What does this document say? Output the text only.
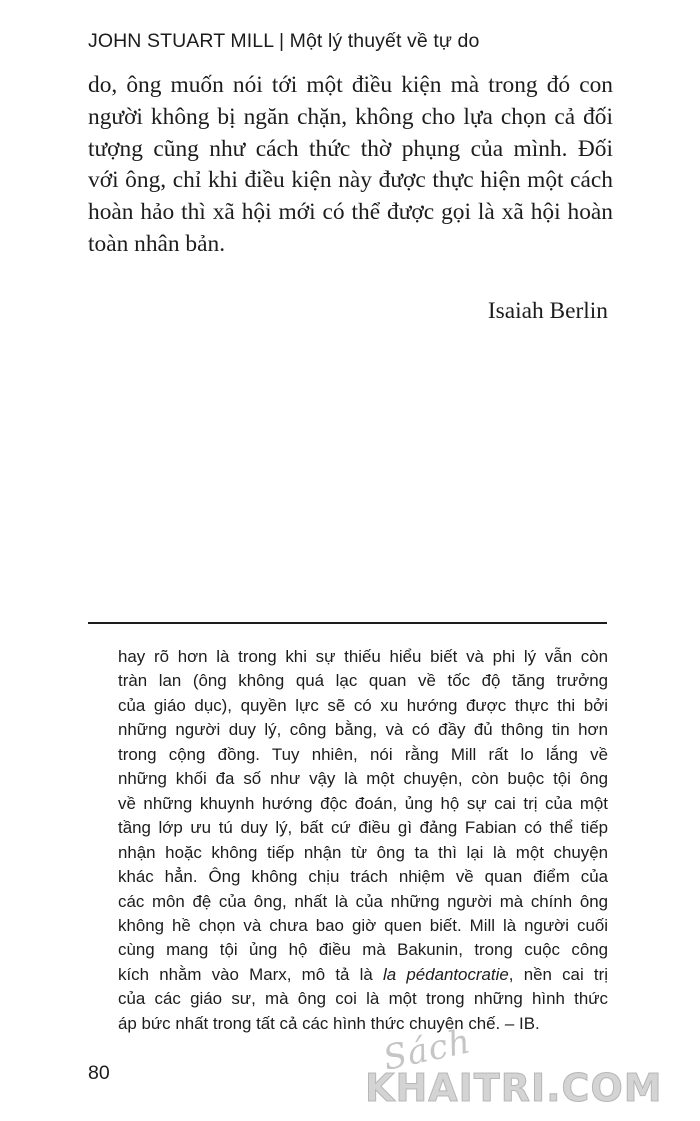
JOHN STUART MILL | Một lý thuyết về tự do
do, ông muốn nói tới một điều kiện mà trong đó con
người không bị ngăn chặn, không cho lựa chọn cả đối
tượng cũng như cách thức thờ phụng của mình. Đối
với ông, chỉ khi điều kiện này được thực hiện một cách
hoàn hảo thì xã hội mới có thể được gọi là xã hội hoàn
toàn nhân bản.
Isaiah Berlin
hay rõ hơn là trong khi sự thiếu hiểu biết và phi lý vẫn còn
tràn lan (ông không quá lạc quan về tốc độ tăng trưởng
của giáo dục), quyền lực sẽ có xu hướng được thực thi bởi
những người duy lý, công bằng, và có đầy đủ thông tin hơn
trong cộng đồng. Tuy nhiên, nói rằng Mill rất lo lắng về
những khối đa số như vậy là một chuyện, còn buộc tội ông
về những khuynh hướng độc đoán, ủng hộ sự cai trị của một
tầng lớp ưu tú duy lý, bất cứ điều gì đảng Fabian có thể tiếp
nhận hoặc không tiếp nhận từ ông ta thì lại là một chuyện
khác hẳn. Ông không chịu trách nhiệm về quan điểm của
các môn đệ của ông, nhất là của những người mà chính ông
không hề chọn và chưa bao giờ quen biết. Mill là người cuối
cùng mang tội ủng hộ điều mà Bakunin, trong cuộc công
kích nhằm vào Marx, mô tả là la pédantocratie, nền cai trị
của các giáo sư, mà ông coi là một trong những hình thức
áp bức nhất trong tất cả các hình thức chuyên chế. – IB.
80	Sách
KHAITRI.COM
